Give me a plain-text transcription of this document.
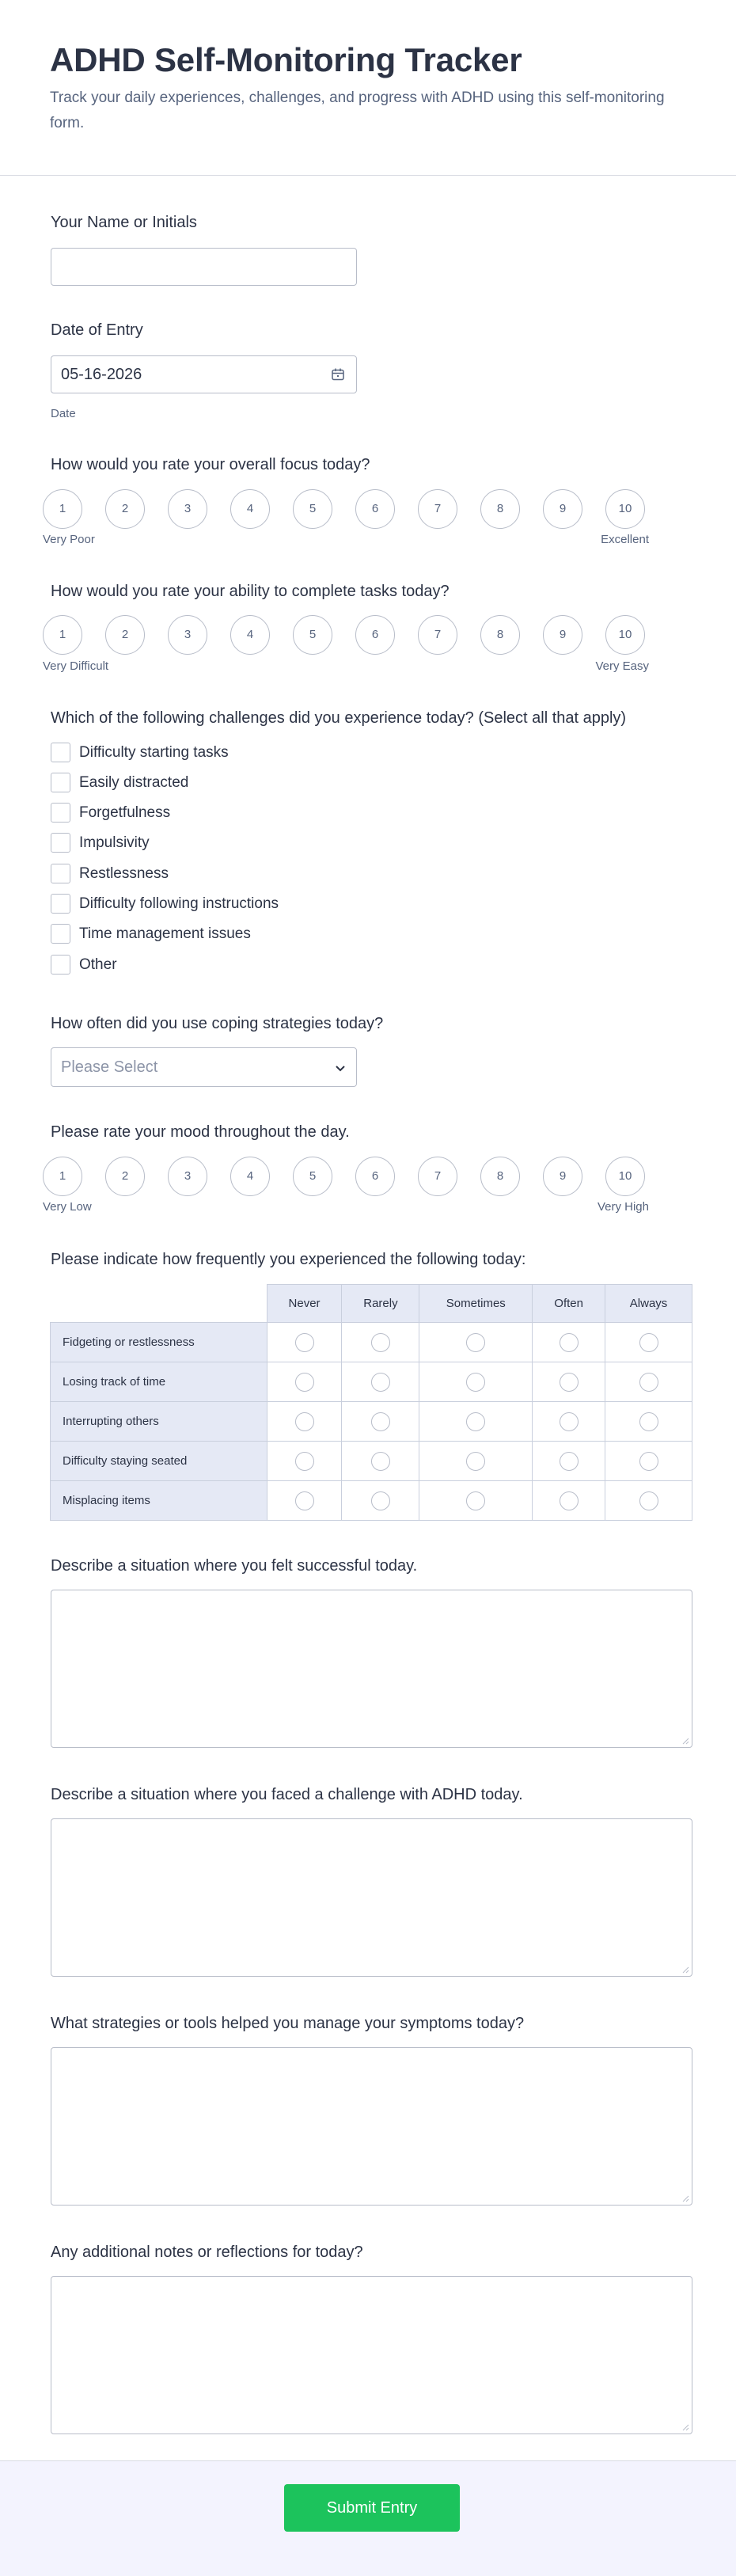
ADHD Self-Monitoring Tracker

Track your daily experiences, challenges, and progress with ADHD using this self-monitoring form.

Your Name or Initials
Date of Entry
05-16-2026
Date
How would you rate your overall focus today?
1	2	3	4	5	6	7	8	9	10
Very Poor	Excellent
How would you rate your ability to complete tasks today?
1	2	3	4	5	6	7	8	9	10
Very Difficult	Very Easy
Which of the following challenges did you experience today? (Select all that apply)
Difficulty starting tasks
Easily distracted
Forgetfulness
Impulsivity
Restlessness
Difficulty following instructions
Time management issues
Other
How often did you use coping strategies today?
Please Select
Please rate your mood throughout the day.
1	2	3	4	5	6	7	8	9	10
Very Low	Very High
Please indicate how frequently you experienced the following today:
	Never	Rarely	Sometimes	Often	Always
Fidgeting or restlessness					
Losing track of time					
Interrupting others					
Difficulty staying seated					
Misplacing items					
Describe a situation where you felt successful today.
Describe a situation where you faced a challenge with ADHD today.
What strategies or tools helped you manage your symptoms today?
Any additional notes or reflections for today?
Submit Entry
